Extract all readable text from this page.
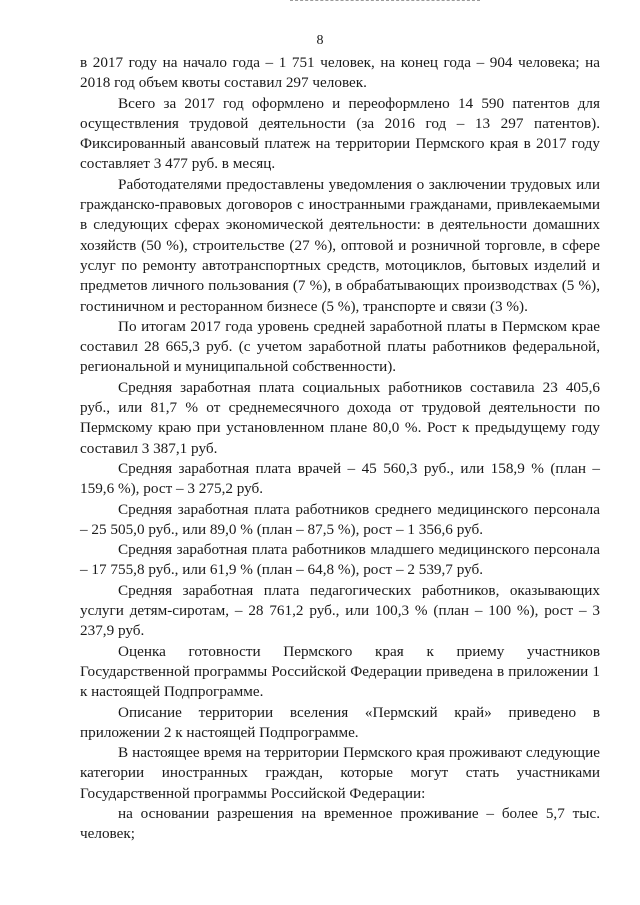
8

в 2017 году на начало года – 1 751 человек, на конец года – 904 человека; на 2018 год объем квоты составил 297 человек.

Всего за 2017 год оформлено и переоформлено 14 590 патентов для осуществления трудовой деятельности (за 2016 год – 13 297 патентов). Фиксированный авансовый платеж на территории Пермского края в 2017 году составляет 3 477 руб. в месяц.

Работодателями предоставлены уведомления о заключении трудовых или гражданско-правовых договоров с иностранными гражданами, привлекаемыми в следующих сферах экономической деятельности: в деятельности домашних хозяйств (50 %), строительстве (27 %), оптовой и розничной торговле, в сфере услуг по ремонту автотранспортных средств, мотоциклов, бытовых изделий и предметов личного пользования (7 %), в обрабатывающих производствах (5 %), гостиничном и ресторанном бизнесе (5 %), транспорте и связи (3 %).

По итогам 2017 года уровень средней заработной платы в Пермском крае составил 28 665,3 руб. (с учетом заработной платы работников федеральной, региональной и муниципальной собственности).

Средняя заработная плата социальных работников составила 23 405,6 руб., или 81,7 % от среднемесячного дохода от трудовой деятельности по Пермскому краю при установленном плане 80,0 %. Рост к предыдущему году составил 3 387,1 руб.

Средняя заработная плата врачей – 45 560,3 руб., или 158,9 % (план – 159,6 %), рост – 3 275,2 руб.

Средняя заработная плата работников среднего медицинского персонала – 25 505,0 руб., или 89,0 % (план – 87,5 %), рост – 1 356,6 руб.

Средняя заработная плата работников младшего медицинского персонала – 17 755,8 руб., или 61,9 % (план – 64,8 %), рост – 2 539,7 руб.

Средняя заработная плата педагогических работников, оказывающих услуги детям-сиротам, – 28 761,2 руб., или 100,3 % (план – 100 %), рост – 3 237,9 руб.

Оценка готовности Пермского края к приему участников Государственной программы Российской Федерации приведена в приложении 1 к настоящей Подпрограмме.

Описание территории вселения «Пермский край» приведено в приложении 2 к настоящей Подпрограмме.

В настоящее время на территории Пермского края проживают следующие категории иностранных граждан, которые могут стать участниками Государственной программы Российской Федерации:

на основании разрешения на временное проживание – более 5,7 тыс. человек;
